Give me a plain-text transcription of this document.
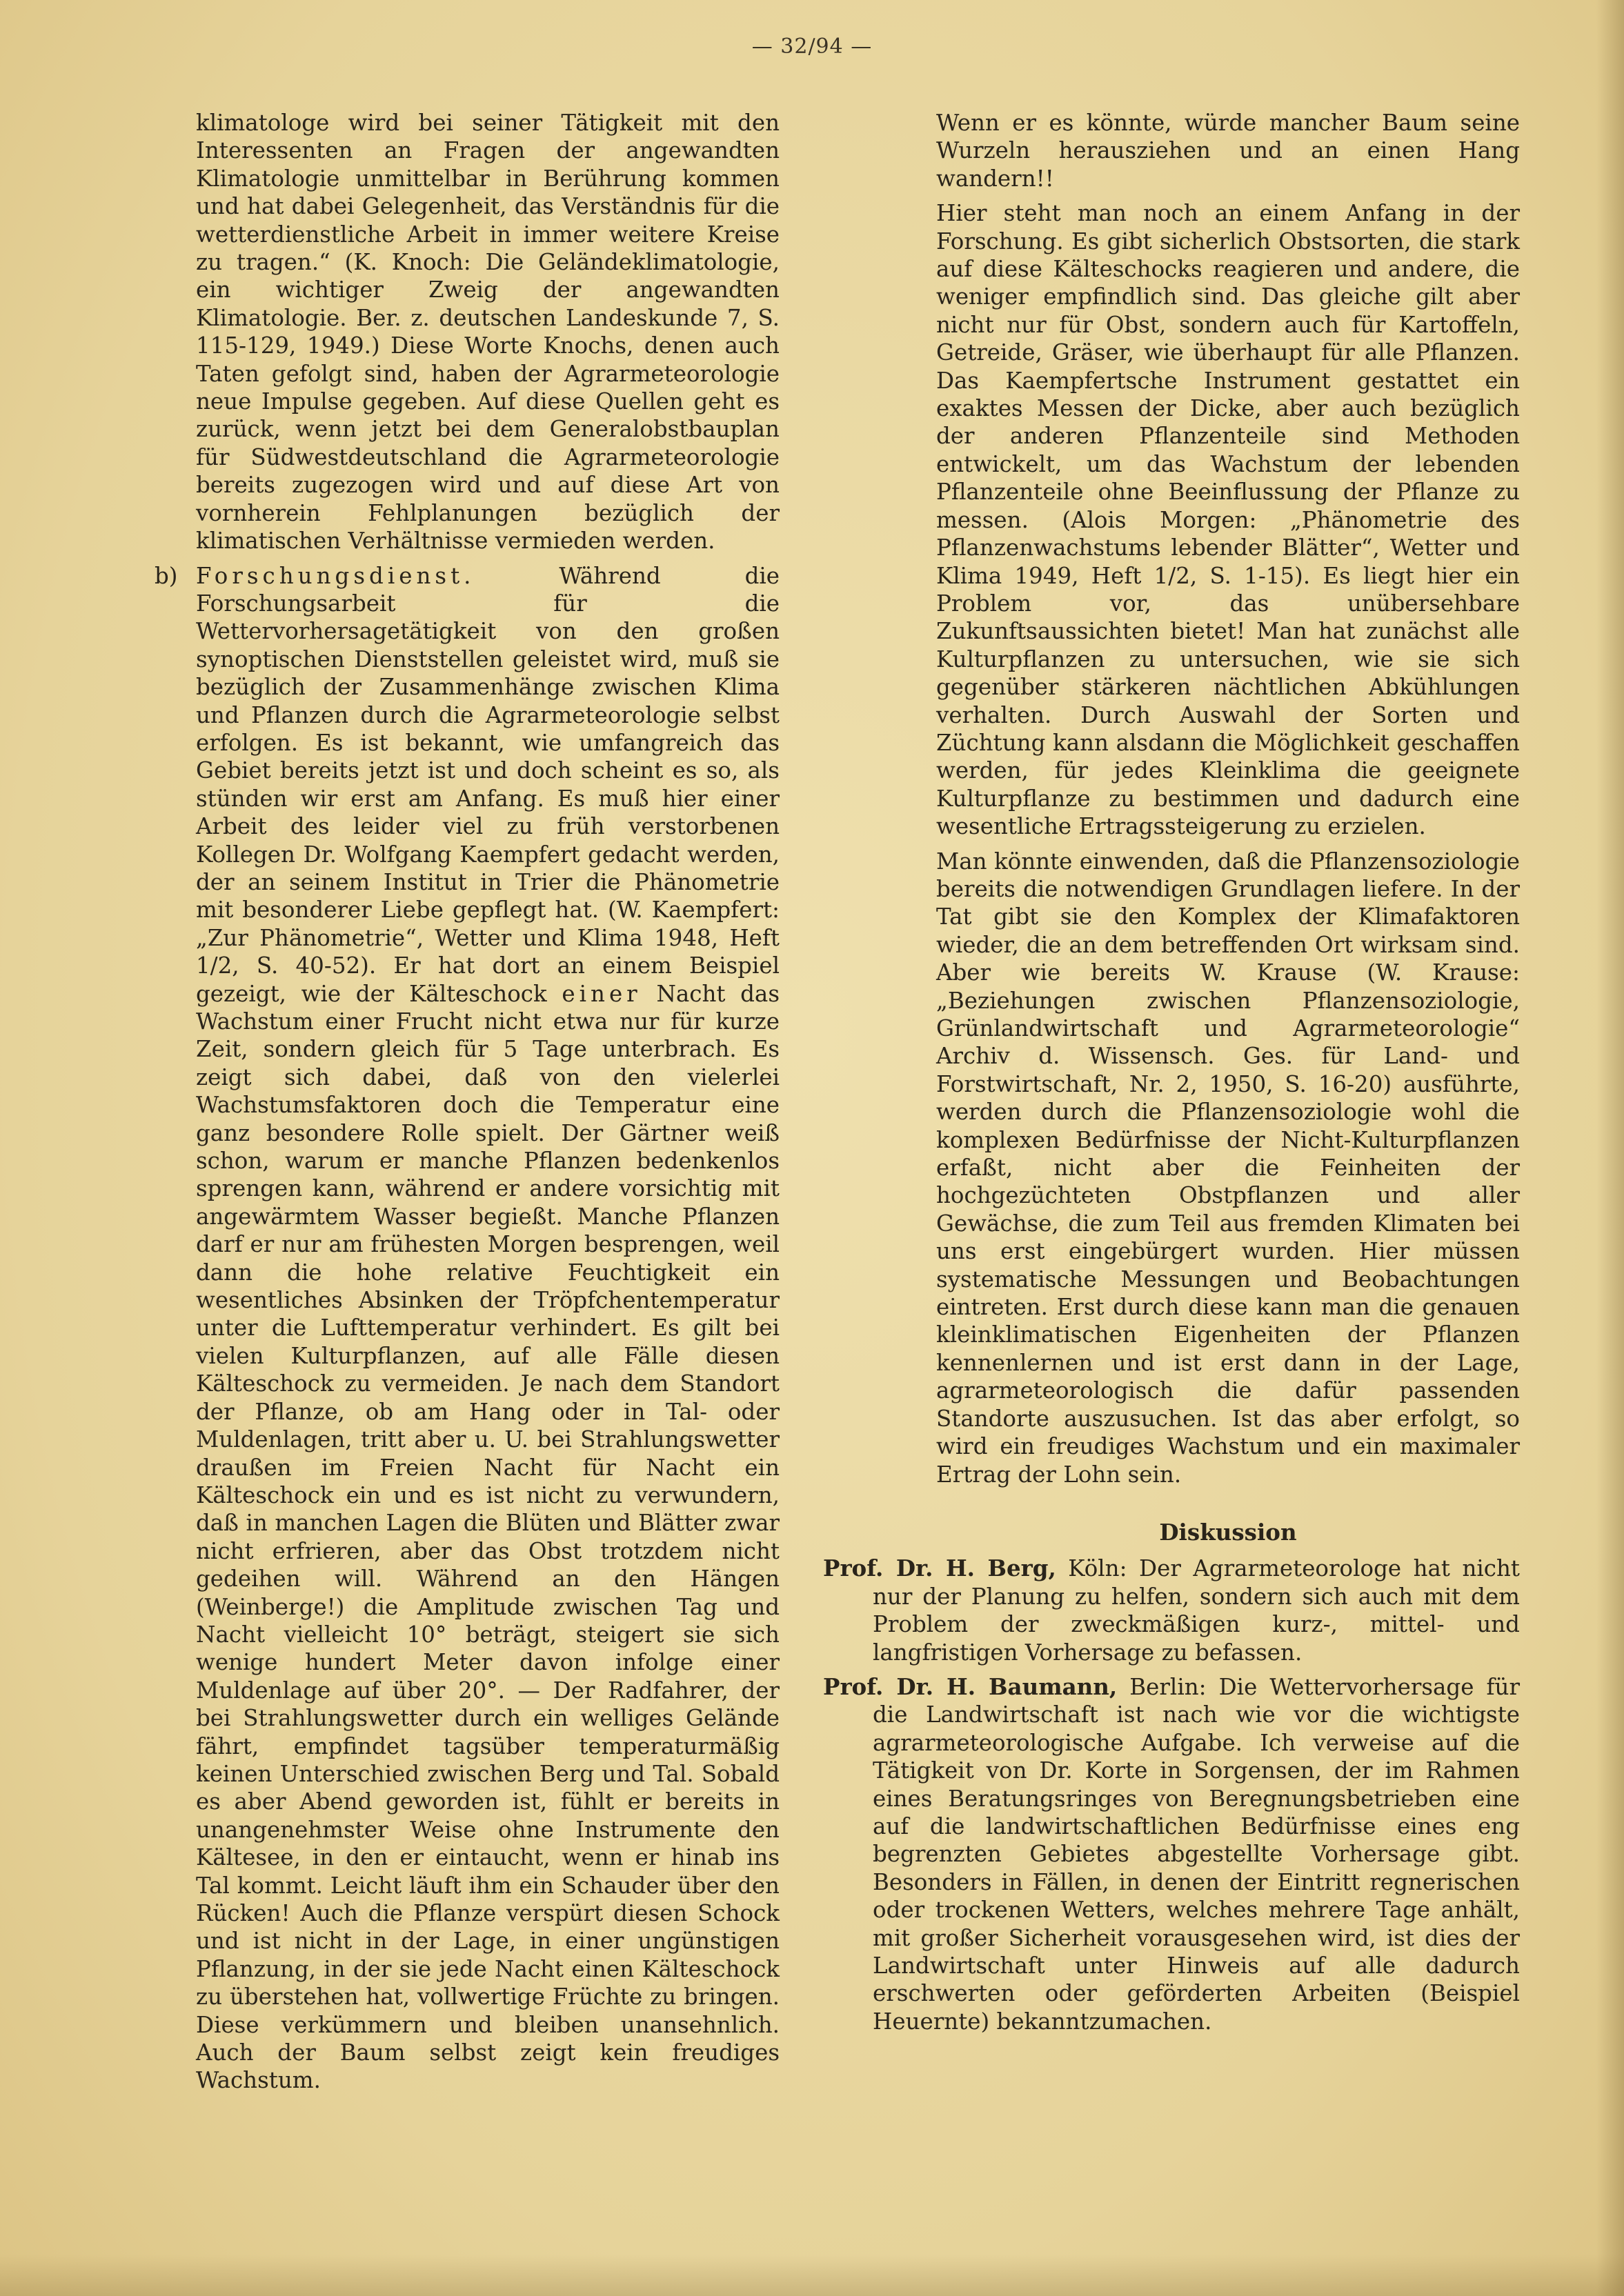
— 32/94 —

klimatologe wird bei seiner Tätigkeit mit den Interessenten an Fragen der angewandten Klimatologie unmittelbar in Berührung kommen und hat dabei Gelegenheit, das Verständnis für die wetterdienstliche Arbeit in immer weitere Kreise zu tragen.“ (K. Knoch: Die Geländeklimatologie, ein wichtiger Zweig der angewandten Klimatologie. Ber. z. deutschen Landeskunde 7, S. 115-129, 1949.) Diese Worte Knochs, denen auch Taten gefolgt sind, haben der Agrarmeteorologie neue Impulse gegeben. Auf diese Quellen geht es zurück, wenn jetzt bei dem Generalobstbauplan für Südwestdeutschland die Agrarmeteorologie bereits zugezogen wird und auf diese Art von vornherein Fehlplanungen bezüglich der klimatischen Verhältnisse vermieden werden.

b) Forschungsdienst.	Während die Forschungsarbeit für die Wettervorhersagetätigkeit von den großen synoptischen Dienststellen geleistet wird, muß sie bezüglich der Zusammenhänge zwischen Klima und Pflanzen durch die Agrarmeteorologie selbst erfolgen. Es ist bekannt, wie umfangreich das Gebiet bereits jetzt ist und doch scheint es so, als stünden wir erst am Anfang. Es muß hier einer Arbeit des leider viel zu früh verstorbenen Kollegen Dr. Wolfgang Kaempfert gedacht werden, der an seinem Institut in Trier die Phänometrie mit besonderer Liebe gepflegt hat. (W. Kaempfert: „Zur Phänometrie“, Wetter und Klima 1948, Heft 1/2, S. 40-52). Er hat dort an einem Beispiel gezeigt, wie der Kälteschock einer Nacht das Wachstum einer Frucht nicht etwa nur für kurze Zeit, sondern gleich für 5 Tage unterbrach. Es zeigt sich dabei, daß von den vielerlei Wachstumsfaktoren doch die Temperatur eine ganz besondere Rolle spielt. Der Gärtner weiß schon, warum er manche Pflanzen bedenkenlos sprengen kann, während er andere vorsichtig mit angewärmtem Wasser begießt. Manche Pflanzen darf er nur am frühesten Morgen besprengen, weil dann die hohe relative Feuchtigkeit ein wesentliches Absinken der Tröpfchentemperatur unter die Lufttemperatur verhindert. Es gilt bei vielen Kulturpflanzen, auf alle Fälle diesen Kälteschock zu vermeiden. Je nach dem Standort der Pflanze, ob am Hang oder in Tal- oder Muldenlagen, tritt aber u. U. bei Strahlungswetter draußen im Freien Nacht für Nacht ein Kälteschock ein und es ist nicht zu verwundern, daß in manchen Lagen die Blüten und Blätter zwar nicht erfrieren, aber das Obst trotzdem nicht gedeihen will. Während an den Hängen (Weinberge!) die Amplitude zwischen Tag und Nacht vielleicht 10° beträgt, steigert sie sich wenige hundert Meter davon infolge einer Muldenlage auf über 20°. — Der Radfahrer, der bei Strahlungswetter durch ein welliges Gelände fährt, empfindet tagsüber temperaturmäßig keinen Unterschied zwischen Berg und Tal. Sobald es aber Abend geworden ist, fühlt er bereits in unangenehmster Weise ohne Instrumente den Kältesee, in den er eintaucht, wenn er hinab ins Tal kommt. Leicht läuft ihm ein Schauder über den Rücken! Auch die Pflanze verspürt diesen Schock und ist nicht in der Lage, in einer ungünstigen Pflanzung, in der sie jede Nacht einen Kälteschock zu überstehen hat, vollwertige Früchte zu bringen. Diese verkümmern und bleiben unansehnlich. Auch der Baum selbst zeigt kein freudiges Wachstum.

Wenn er es könnte, würde mancher Baum seine Wurzeln herausziehen und an einen Hang wandern!!

Hier steht man noch an einem Anfang in der Forschung. Es gibt sicherlich Obstsorten, die stark auf diese Kälteschocks reagieren und andere, die weniger empfindlich sind. Das gleiche gilt aber nicht nur für Obst, sondern auch für Kartoffeln, Getreide, Gräser, wie überhaupt für alle Pflanzen. Das Kaempfertsche Instrument gestattet ein exaktes Messen der Dicke, aber auch bezüglich der anderen Pflanzenteile sind Methoden entwickelt, um das Wachstum der lebenden Pflanzenteile ohne Beeinflussung der Pflanze zu messen. (Alois Morgen: „Phänometrie des Pflanzenwachstums lebender Blätter“, Wetter und Klima 1949, Heft 1/2, S. 1-15). Es liegt hier ein Problem vor, das unübersehbare Zukunftsaussichten bietet! Man hat zunächst alle Kulturpflanzen zu untersuchen, wie sie sich gegenüber stärkeren nächtlichen Abkühlungen verhalten. Durch Auswahl der Sorten und Züchtung kann alsdann die Möglichkeit geschaffen werden, für jedes Kleinklima die geeignete Kulturpflanze zu bestimmen und dadurch eine wesentliche Ertragssteigerung zu erzielen.

Man könnte einwenden, daß die Pflanzensoziologie bereits die notwendigen Grundlagen liefere. In der Tat gibt sie den Komplex der Klimafaktoren wieder, die an dem betreffenden Ort wirksam sind. Aber wie bereits W. Krause (W. Krause: „Beziehungen zwischen Pflanzensoziologie, Grünlandwirtschaft und Agrarmeteorologie“ Archiv d. Wissensch. Ges. für Land- und Forstwirtschaft, Nr. 2, 1950, S. 16-20) ausführte, werden durch die Pflanzensoziologie wohl die komplexen Bedürfnisse der Nicht-Kulturpflanzen erfaßt, nicht aber die Feinheiten der hochgezüchteten Obstpflanzen und aller Gewächse, die zum Teil aus fremden Klimaten bei uns erst eingebürgert wurden. Hier müssen systematische Messungen und Beobachtungen eintreten. Erst durch diese kann man die genauen kleinklimatischen Eigenheiten der Pflanzen kennenlernen und ist erst dann in der Lage, agrarmeteorologisch die dafür passenden Standorte auszusuchen. Ist das aber erfolgt, so wird ein freudiges Wachstum und ein maximaler Ertrag der Lohn sein.

Diskussion

Prof. Dr. H. Berg, Köln: Der Agrarmeteorologe hat nicht nur der Planung zu helfen, sondern sich auch mit dem Problem der zweckmäßigen kurz-, mittel- und langfristigen Vorhersage zu befassen.

Prof. Dr. H. Baumann, Berlin: Die Wettervorhersage für die Landwirtschaft ist nach wie vor die wichtigste agrarmeteorologische Aufgabe. Ich verweise auf die Tätigkeit von Dr. Korte in Sorgensen, der im Rahmen eines Beratungsringes von Beregnungsbetrieben eine auf die landwirtschaftlichen Bedürfnisse eines eng begrenzten Gebietes abgestellte Vorhersage gibt. Besonders in Fällen, in denen der Eintritt regnerischen oder trockenen Wetters, welches mehrere Tage anhält, mit großer Sicherheit vorausgesehen wird, ist dies der Landwirtschaft unter Hinweis auf alle dadurch erschwerten oder geförderten Arbeiten (Beispiel Heuernte) bekanntzumachen.
